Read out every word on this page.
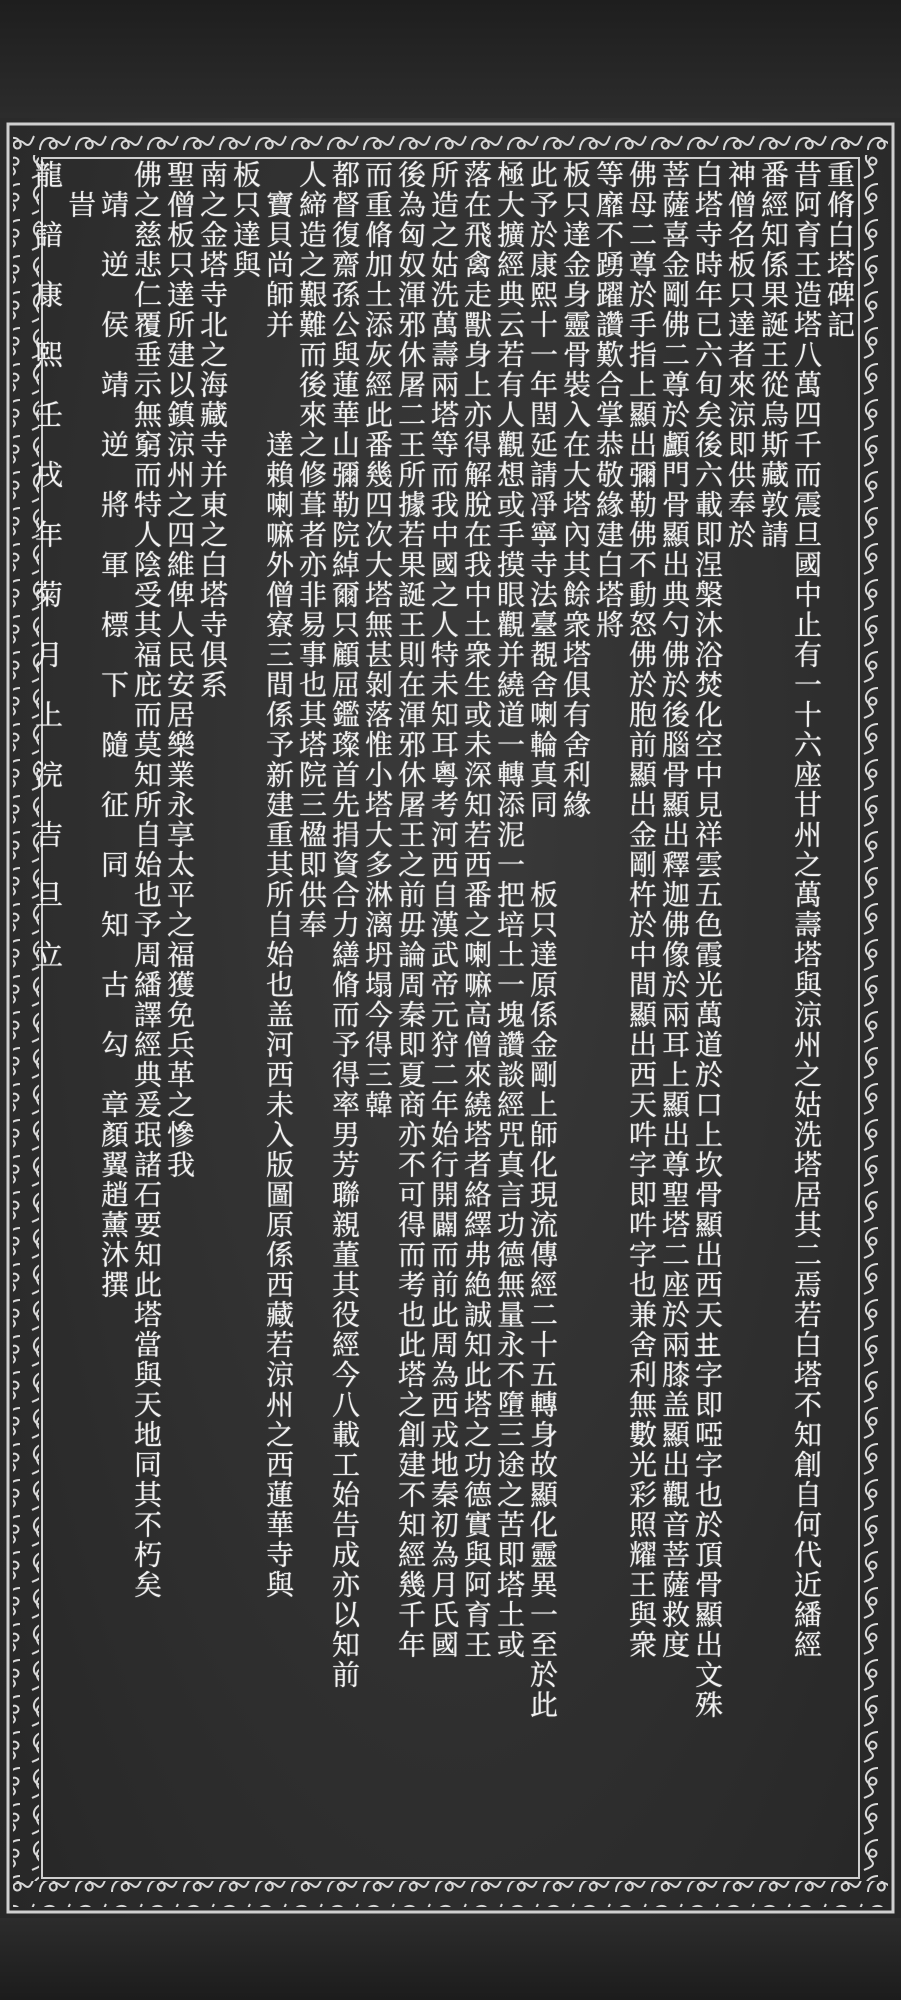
重脩白塔碑記
昔阿育王造塔八萬四千而震旦國中止有一十六座甘州之萬壽塔與涼州之姑洗塔居其二焉若白塔不知創自何代近繙經
番經知係果誕王從烏斯藏敦請
神僧名板只達者來涼即供奉於
白塔寺時年已六旬矣後六載即涅槃沐浴焚化空中見祥雲五色霞光萬道於口上坎骨顯出西天𠀎字即啞字也於頂骨顯出文殊
菩薩喜金剛佛二尊於顱門骨顯出典勺佛於後腦骨顯出釋迦佛像於兩耳上顯出尊聖塔二座於兩膝盖顯出觀音菩薩救度
佛母二尊於手指上顯出彌勒佛不動怒佛於胞前顯出金剛杵於中間顯出西天吽字即吽字也兼舍利無數光彩照耀王與衆
等靡不踴躍讚歎合掌恭敬緣建白塔將
板只達金身靈骨裝入在大塔內其餘衆塔俱有舍利緣
此予於康熙十一年閏延請凈寧寺法臺覩舍喇輪真同　　板只達原係金剛上師化現流傳經二十五轉身故顯化靈異一至於此
極大擴經典云若有人觀想或手摸眼觀并繞道一轉添泥一把培土一塊讚談經咒真言功德無量永不墮三途之苦即塔土或
落在飛禽走獸身上亦得解脫在我中土衆生或未深知若西番之喇嘛高僧來繞塔者絡繹弗絶誠知此塔之功德實與阿育王
所造之姑洗萬壽兩塔等而我中國之人特未知耳粵考河西自漢武帝元狩二年始行開闢而前此周為西戎地秦初為月氏國
後為匈奴渾邪休屠二王所據若果誕王則在渾邪休屠王之前毋論周秦即夏商亦不可得而考也此塔之創建不知經幾千年
而重脩加土添灰經此番幾四次大塔無甚剝落惟小塔大多淋漓坍塌今得三韓
都督復齋孫公與蓮華山彌勒院綽爾只顧屈鑑璨首先捐資合力繕脩而予得率男芳聯親董其役經今八載工始告成亦以知前
人締造之艱難而後來之修葺者亦非易事也其塔院三楹即供奉
　寶貝尚師并　　　達賴喇嘛外僧寮三間係予新建重其所自始也盖河西未入版圖原係西藏若涼州之西蓮華寺與
板只達與
南之金塔寺北之海藏寺并東之白塔寺俱系
聖僧板只達所建以鎮涼州之四維俾人民安居樂業永享太平之福獲免兵革之慘我
佛之慈悲仁覆垂示無窮而特人陰受其福庇而莫知所自始也予周繙譯經典爰珉諸石要知此塔當與天地同其不朽矣
　靖　逆　侯　靖　逆　將　軍　標　下　隨　征　同　知　古　勾　章顏翼趙薰沐撰
　旹
龍　諳　康　熙　壬　戌　年　菊　月　上　浣　吉　旦　立
